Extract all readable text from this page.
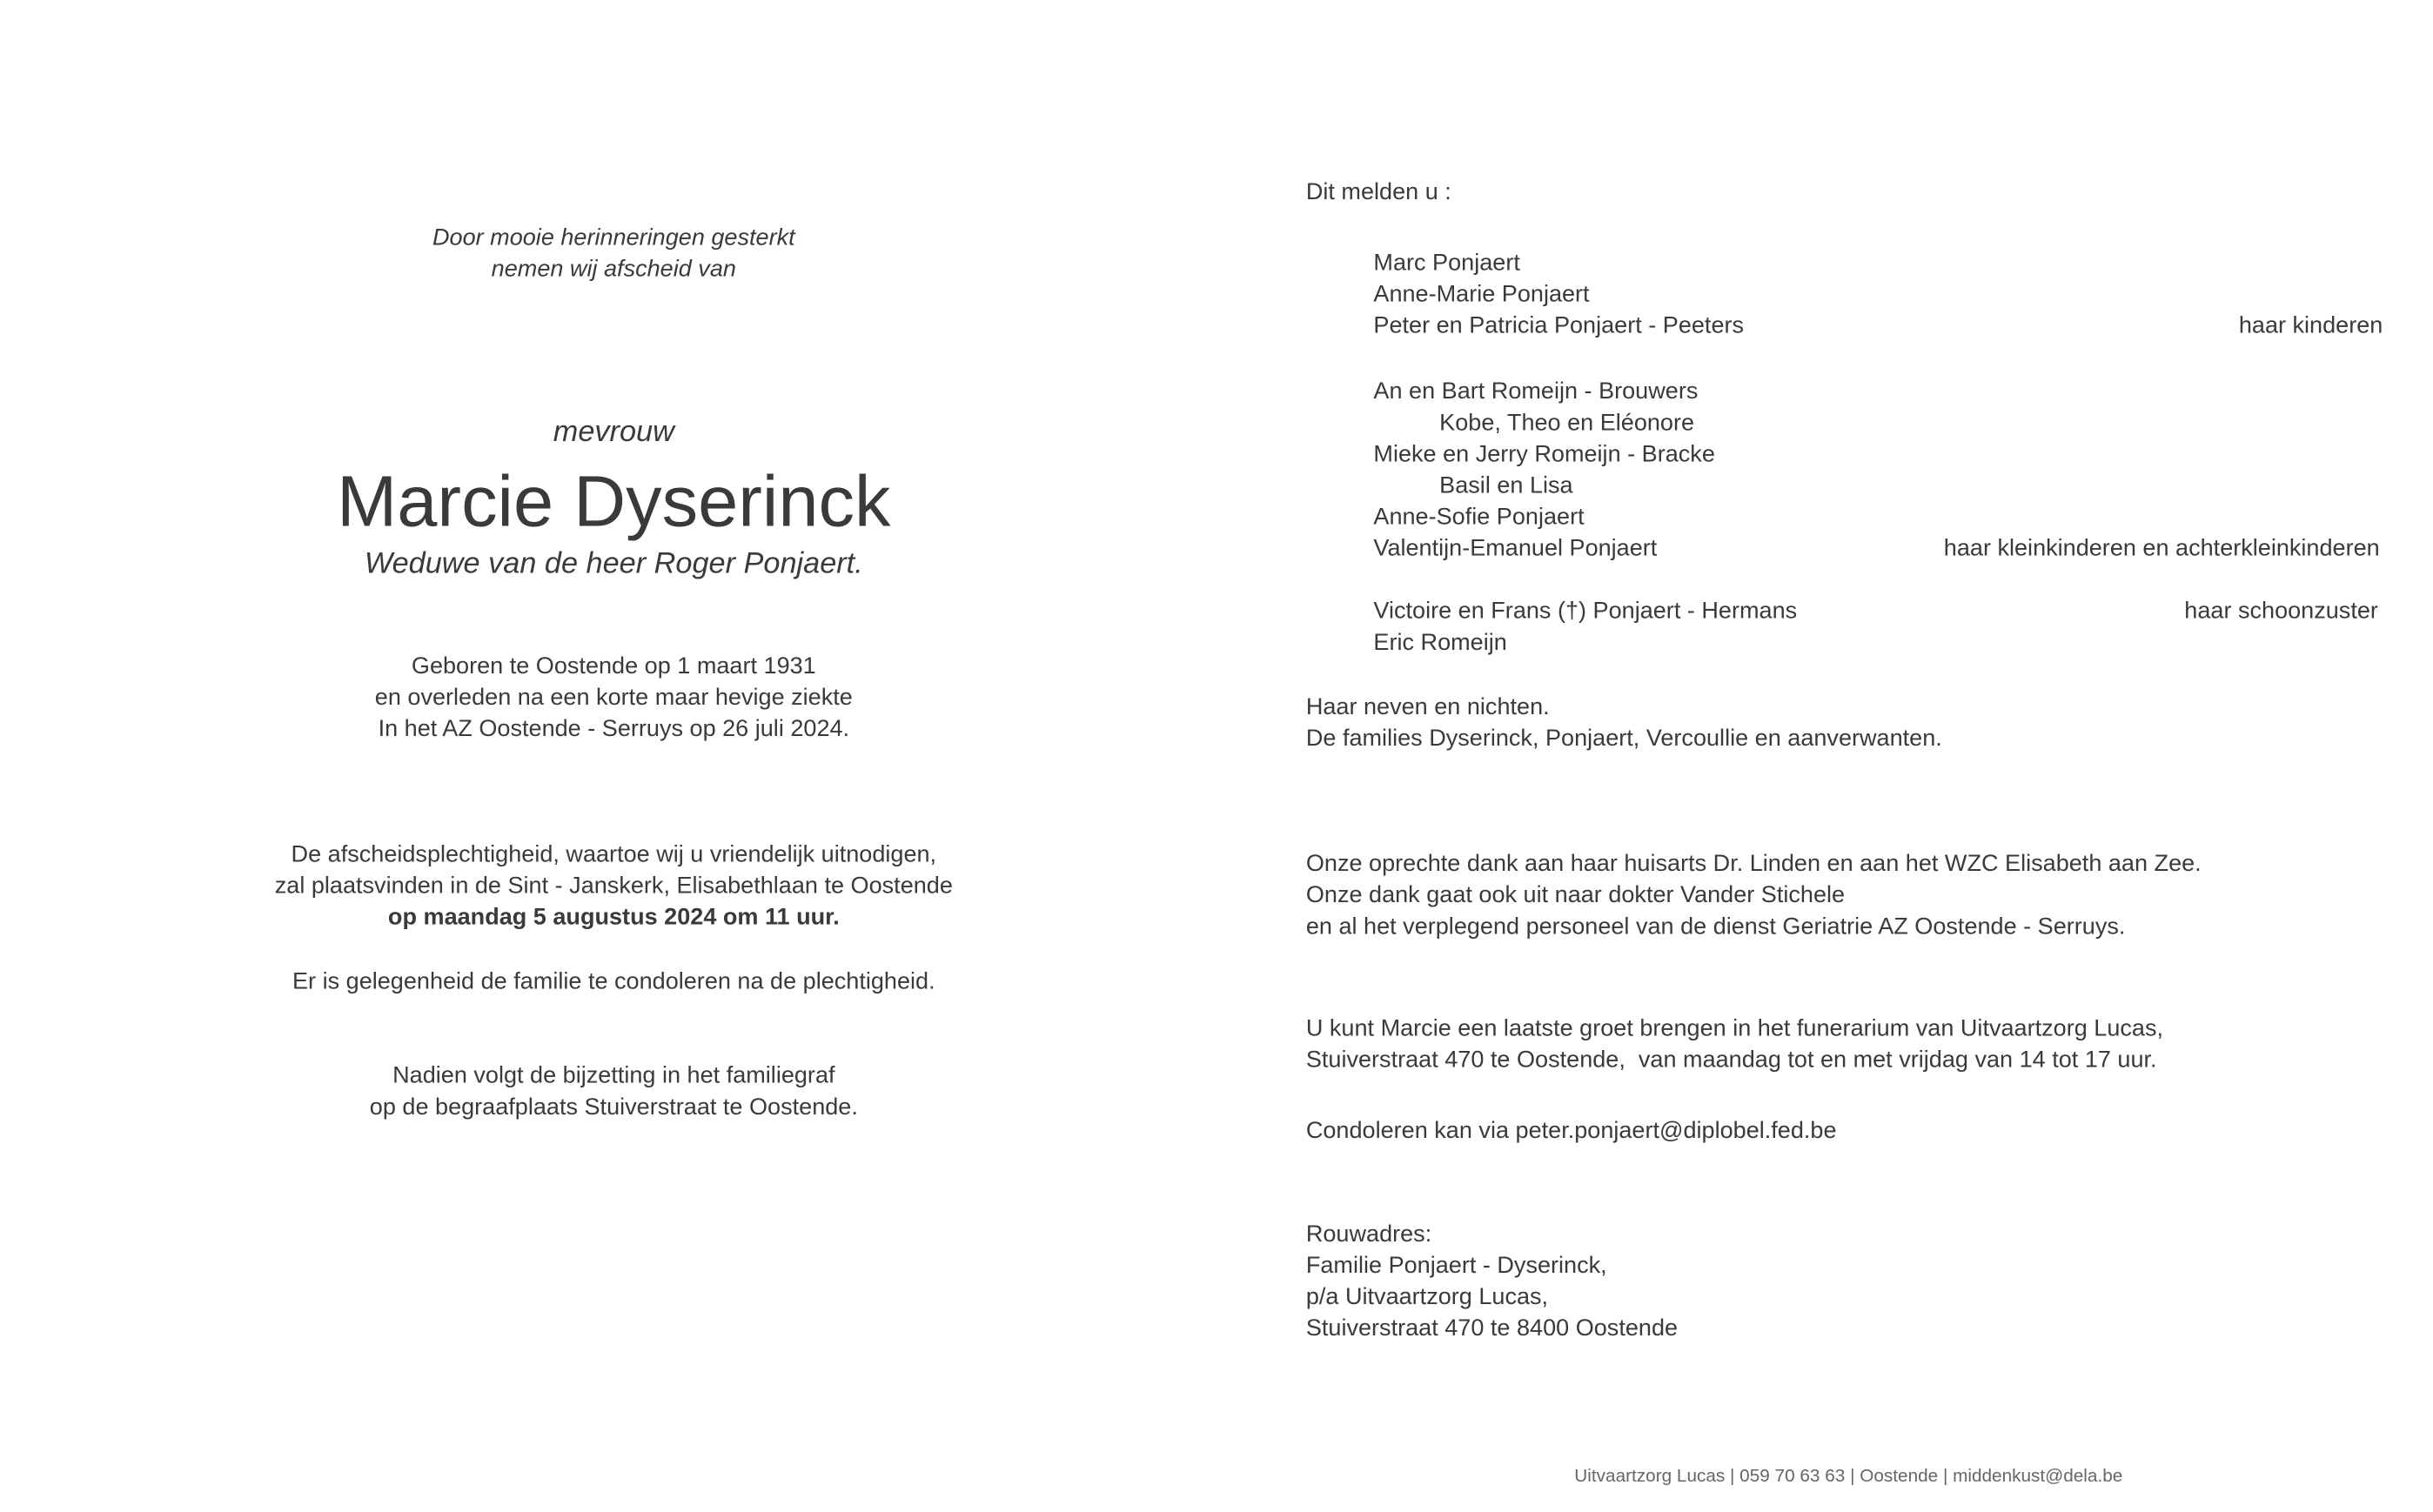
Door mooie herinneringen gesterkt
nemen wij afscheid van
mevrouw
Marcie Dyserinck
Weduwe van de heer Roger Ponjaert.
Geboren te Oostende op 1 maart 1931
en overleden na een korte maar hevige ziekte
In het AZ Oostende - Serruys op 26 juli 2024.
De afscheidsplechtigheid, waartoe wij u vriendelijk uitnodigen,
zal plaatsvinden in de Sint - Janskerk, Elisabethlaan te Oostende
op maandag 5 augustus 2024 om 11 uur.
Er is gelegenheid de familie te condoleren na de plechtigheid.
Nadien volgt de bijzetting in het familiegraf
op de begraafplaats Stuiverstraat te Oostende.
Dit melden u :
Marc Ponjaert
Anne-Marie Ponjaert
Peter en Patricia Ponjaert - Peeters	haar kinderen
An en Bart Romeijn - Brouwers
Kobe, Theo en Eléonore
Mieke en Jerry Romeijn - Bracke
Basil en Lisa
Anne-Sofie Ponjaert
Valentijn-Emanuel Ponjaert	haar kleinkinderen en achterkleinkinderen
Victoire en Frans (†) Ponjaert - Hermans	haar schoonzuster
Eric Romeijn
Haar neven en nichten.
De families Dyserinck, Ponjaert, Vercoullie en aanverwanten.
Onze oprechte dank aan haar huisarts Dr. Linden en aan het WZC Elisabeth aan Zee.
Onze dank gaat ook uit naar dokter Vander Stichele
en al het verplegend personeel van de dienst Geriatrie AZ Oostende - Serruys.
U kunt Marcie een laatste groet brengen in het funerarium van Uitvaartzorg Lucas,
Stuiverstraat 470 te Oostende,  van maandag tot en met vrijdag van 14 tot 17 uur.
Condoleren kan via peter.ponjaert@diplobel.fed.be
Rouwadres:
Familie Ponjaert - Dyserinck,
p/a Uitvaartzorg Lucas,
Stuiverstraat 470 te 8400 Oostende
Uitvaartzorg Lucas | 059 70 63 63 | Oostende | middenkust@dela.be
